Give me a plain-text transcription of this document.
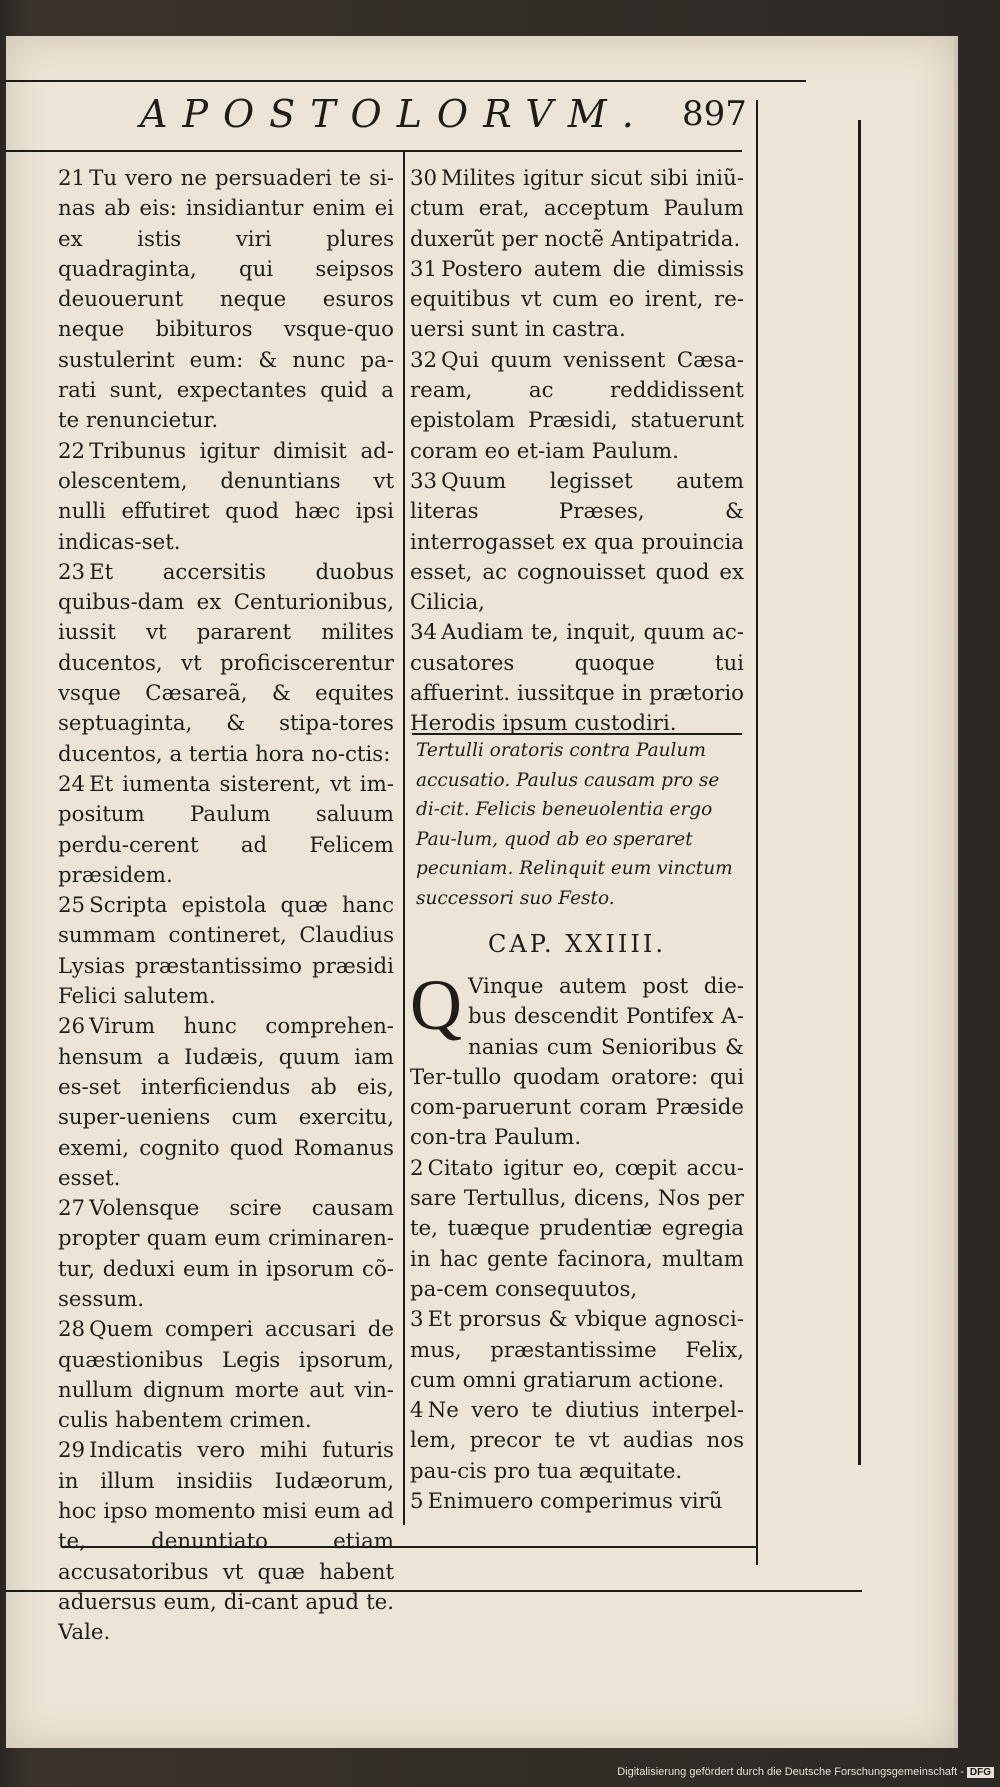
APOSTOLORVM. 897

21 Tu vero ne persuaderi te si-nas ab eis: insidiantur enim ei ex istis viri plures quadraginta, qui seipsos deuouerunt neque esuros neque bibituros vsque-quo sustulerint eum: & nunc pa-rati sunt, expectantes quid a te renuncietur.

22 Tribunus igitur dimisit ad-olescentem, denuntians vt nulli effutiret quod hæc ipsi indicas-set.

23 Et accersitis duobus quibus-dam ex Centurionibus, iussit vt pararent milites ducentos, vt proficiscerentur vsque Cæsareã, & equites septuaginta, & stipa-tores ducentos, a tertia hora no-ctis:

24 Et iumenta sisterent, vt im-positum Paulum saluum perdu-cerent ad Felicem præsidem.

25 Scripta epistola quæ hanc summam contineret, Claudius Lysias præstantissimo præsidi Felici salutem.

26 Virum hunc comprehen-hensum a Iudæis, quum iam es-set interficiendus ab eis, super-ueniens cum exercitu, exemi, cognito quod Romanus esset.

27 Volensque scire causam propter quam eum criminaren-tur, deduxi eum in ipsorum cõ-sessum.

28 Quem comperi accusari de quæstionibus Legis ipsorum, nullum dignum morte aut vin-culis habentem crimen.

29 Indicatis vero mihi futuris in illum insidiis Iudæorum, hoc ipso momento misi eum ad te, denuntiato etiam accusatoribus vt quæ habent aduersus eum, di-cant apud te. Vale.

30 Milites igitur sicut sibi iniũ-ctum erat, acceptum Paulum duxerũt per noctẽ Antipatrida.

31 Postero autem die dimissis equitibus vt cum eo irent, re-uersi sunt in castra.

32 Qui quum venissent Cæsa-ream, ac reddidissent epistolam Præsidi, statuerunt coram eo et-iam Paulum.

33 Quum legisset autem literas Præses, & interrogasset ex qua prouincia esset, ac cognouisset quod ex Cilicia,

34 Audiam te, inquit, quum ac-cusatores quoque tui affuerint. iussitque in prætorio Herodis ipsum custodiri.

Tertulli oratoris contra Paulum accusatio. Paulus causam pro se di-cit. Felicis beneuolentia ergo Pau-lum, quod ab eo speraret pecuniam. Relinquit eum vinctum successori suo Festo.
CAP. XXIIII.

Q Vinque autem post die-bus descendit Pontifex A-nanias cum Senioribus & Ter-tullo quodam oratore: qui com-paruerunt coram Præside con-tra Paulum.

2 Citato igitur eo, cœpit accu-sare Tertullus, dicens, Nos per te, tuæque prudentiæ egregia in hac gente facinora, multam pa-cem consequutos,

3 Et prorsus & vbique agnosci-mus, præstantissime Felix, cum omni gratiarum actione.

4 Ne vero te diutius interpel-lem, precor te vt audias nos pau-cis pro tua æquitate.

5 Enimuero comperimus virũ

Digitalisierung gefördert durch die Deutsche Forschungsgemeinschaft - DFG
